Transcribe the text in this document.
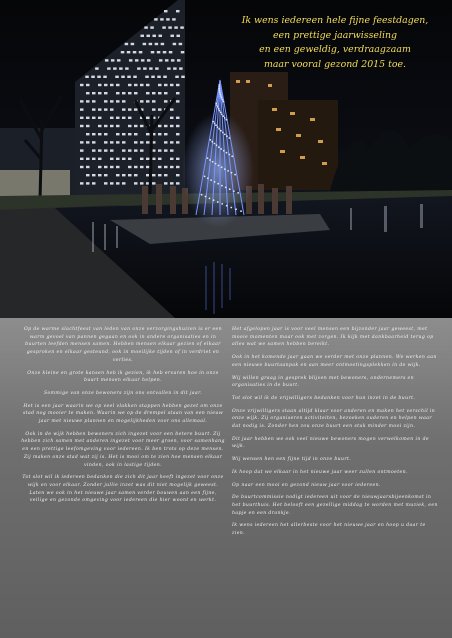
Ik wens iedereen hele fijne feestdagen,
een prettige jaarwisseling
en een geweldig, verdraagzaam
maar vooral gezond 2015 toe.

Op de warme slachtfeest van leden van onze verzorgingshuizen is er een warm gevoel van pannen gegaan en ook in andere organisaties en in buurten leefden mensen samen. Hebben mensen elkaar gezien of elkaar gesproken en elkaar gesteund, ook in moeilijke tijden of in verdriet en verlies.

Onze kleine en grote kansen heb ik gezien, ik heb ervaren hoe in onze buurt mensen elkaar helpen.

Sommige van onze bewoners zijn ons ontvallen in dit jaar.

Het is een jaar waarin we op veel vlakken stappen hebben gezet om onze stad nog mooier te maken. Waarin we op de drempel staan van een nieuw jaar met nieuwe plannen en mogelijkheden voor ons allemaal.

Ook in de wijk hebben bewoners zich ingezet voor een betere buurt. Zij hebben zich samen met anderen ingezet voor meer groen, voor samenhang en een prettige leefomgeving voor iedereen. Ik ben trots op deze mensen. Zij maken onze stad wat zij is. Het is mooi om te zien hoe mensen elkaar vinden, ook in lastige tijden.

Tot slot wil ik iedereen bedanken die zich dit jaar heeft ingezet voor onze wijk en voor elkaar. Zonder jullie inzet was dit niet mogelijk geweest. Laten we ook in het nieuwe jaar samen verder bouwen aan een fijne, veilige en gezonde omgeving voor iedereen die hier woont en werkt.

Het afgelopen jaar is voor veel mensen een bijzonder jaar geweest, met mooie momenten maar ook met zorgen. Ik kijk met dankbaarheid terug op alles wat we samen hebben bereikt.

Ook in het komende jaar gaan we verder met onze plannen. We werken aan een nieuwe buurtaanpak en aan meer ontmoetingsplekken in de wijk.

Wij willen graag in gesprek blijven met bewoners, ondernemers en organisaties in de buurt.

Tot slot wil ik de vrijwilligers bedanken voor hun inzet in de buurt.

Onze vrijwilligers staan altijd klaar voor anderen en maken het verschil in onze wijk. Zij organiseren activiteiten, bezoeken ouderen en helpen waar dat nodig is. Zonder hen zou onze buurt een stuk minder mooi zijn.

Dit jaar hebben we ook veel nieuwe bewoners mogen verwelkomen in de wijk.

Wij wensen hen een fijne tijd in onze buurt.

Ik hoop dat we elkaar in het nieuwe jaar weer zullen ontmoeten.

Op naar een mooi en gezond nieuw jaar voor iedereen.

De buurtcommissie nodigt iedereen uit voor de nieuwjaarsbijeenkomst in het buurthuis. Het belooft een gezellige middag te worden met muziek, een hapje en een drankje.

Ik wens iedereen het allerbeste voor het nieuwe jaar en hoop u daar te zien.
